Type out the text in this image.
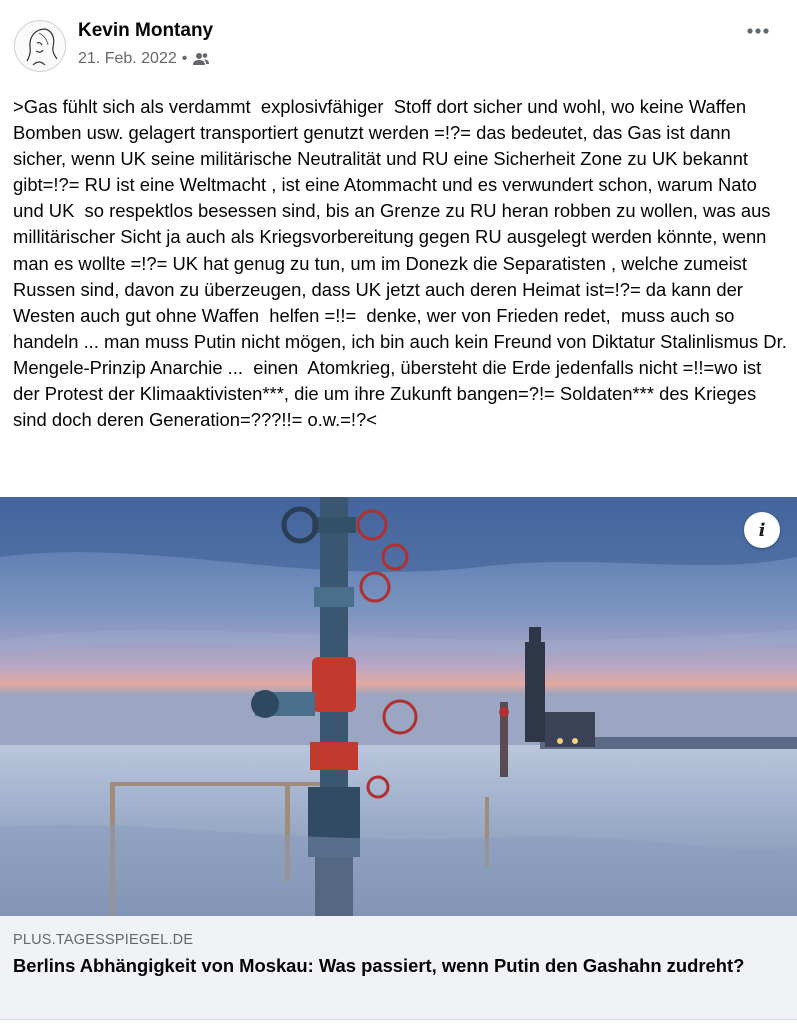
Kevin Montany
21. Feb. 2022 •
>Gas fühlt sich als verdammt  explosivfähiger  Stoff dort sicher und wohl, wo keine Waffen Bomben usw. gelagert transportiert genutzt werden =!?= das bedeutet, das Gas ist dann  sicher, wenn UK seine militärische Neutralität und RU eine Sicherheit Zone zu UK bekannt gibt=!?= RU ist eine Weltmacht , ist eine Atommacht und es verwundert schon, warum Nato und UK  so respektlos besessen sind, bis an Grenze zu RU heran robben zu wollen, was aus millitärischer Sicht ja auch als Kriegsvorbereitung gegen RU ausgelegt werden könnte, wenn man es wollte =!?= UK hat genug zu tun, um im Donezk die Separatisten , welche zumeist Russen sind, davon zu überzeugen, dass UK jetzt auch deren Heimat ist=!?= da kann der Westen auch gut ohne Waffen  helfen =!!=  denke, wer von Frieden redet,  muss auch so handeln ... man muss Putin nicht mögen, ich bin auch kein Freund von Diktatur Stalinlismus Dr. Mengele-Prinzip Anarchie ...  einen  Atomkrieg, übersteht die Erde jedenfalls nicht =!!=wo ist der Protest der Klimaaktivisten***, die um ihre Zukunft bangen=?!= Soldaten*** des Krieges sind doch deren Generation=???!!= o.w.=!?<
PLUS.TAGESSPIEGEL.DE
Berlins Abhängigkeit von Moskau: Was passiert, wenn Putin den Gashahn zudreht?
i
